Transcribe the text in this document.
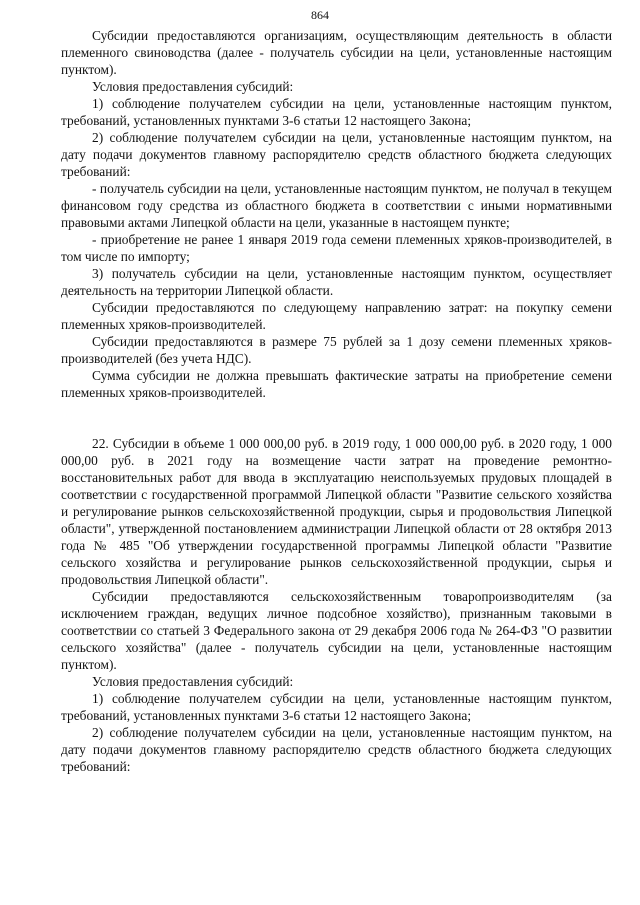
864

Субсидии предоставляются организациям, осуществляющим деятельность в области племенного свиноводства (далее - получатель субсидии на цели, установленные настоящим пунктом).

Условия предоставления субсидий:

1) соблюдение получателем субсидии на цели, установленные настоящим пунктом, требований, установленных пунктами 3-6 статьи 12 настоящего Закона;

2) соблюдение получателем субсидии на цели, установленные настоящим пунктом, на дату подачи документов главному распорядителю средств областного бюджета следующих требований:

- получатель субсидии на цели, установленные настоящим пунктом, не получал в текущем финансовом году средства из областного бюджета в соответствии с иными нормативными правовыми актами Липецкой области на цели, указанные в настоящем пункте;

- приобретение не ранее 1 января 2019 года семени племенных хряков-производителей, в том числе по импорту;

3) получатель субсидии на цели, установленные настоящим пунктом, осуществляет деятельность на территории Липецкой области.

Субсидии предоставляются по следующему направлению затрат: на покупку семени племенных хряков-производителей.

Субсидии предоставляются в размере 75 рублей за 1 дозу семени племенных хряков-производителей (без учета НДС).

Сумма субсидии не должна превышать фактические затраты на приобретение семени племенных хряков-производителей.

22. Субсидии в объеме 1 000 000,00 руб. в 2019 году, 1 000 000,00 руб. в 2020 году, 1 000 000,00 руб. в 2021 году на возмещение части затрат на проведение ремонтно-восстановительных работ для ввода в эксплуатацию неиспользуемых прудовых площадей в соответствии с государственной программой Липецкой области "Развитие сельского хозяйства и регулирование рынков сельскохозяйственной продукции, сырья и продовольствия Липецкой области", утвержденной постановлением администрации Липецкой области от 28 октября 2013 года № 485 "Об утверждении государственной программы Липецкой области "Развитие сельского хозяйства и регулирование рынков сельскохозяйственной продукции, сырья и продовольствия Липецкой области".

Субсидии предоставляются сельскохозяйственным товаропроизводителям (за исключением граждан, ведущих личное подсобное хозяйство), признанным таковыми в соответствии со статьей 3 Федерального закона от 29 декабря 2006 года № 264-ФЗ "О развитии сельского хозяйства" (далее - получатель субсидии на цели, установленные настоящим пунктом).

Условия предоставления субсидий:

1) соблюдение получателем субсидии на цели, установленные настоящим пунктом, требований, установленных пунктами 3-6 статьи 12 настоящего Закона;

2) соблюдение получателем субсидии на цели, установленные настоящим пунктом, на дату подачи документов главному распорядителю средств областного бюджета следующих требований:
